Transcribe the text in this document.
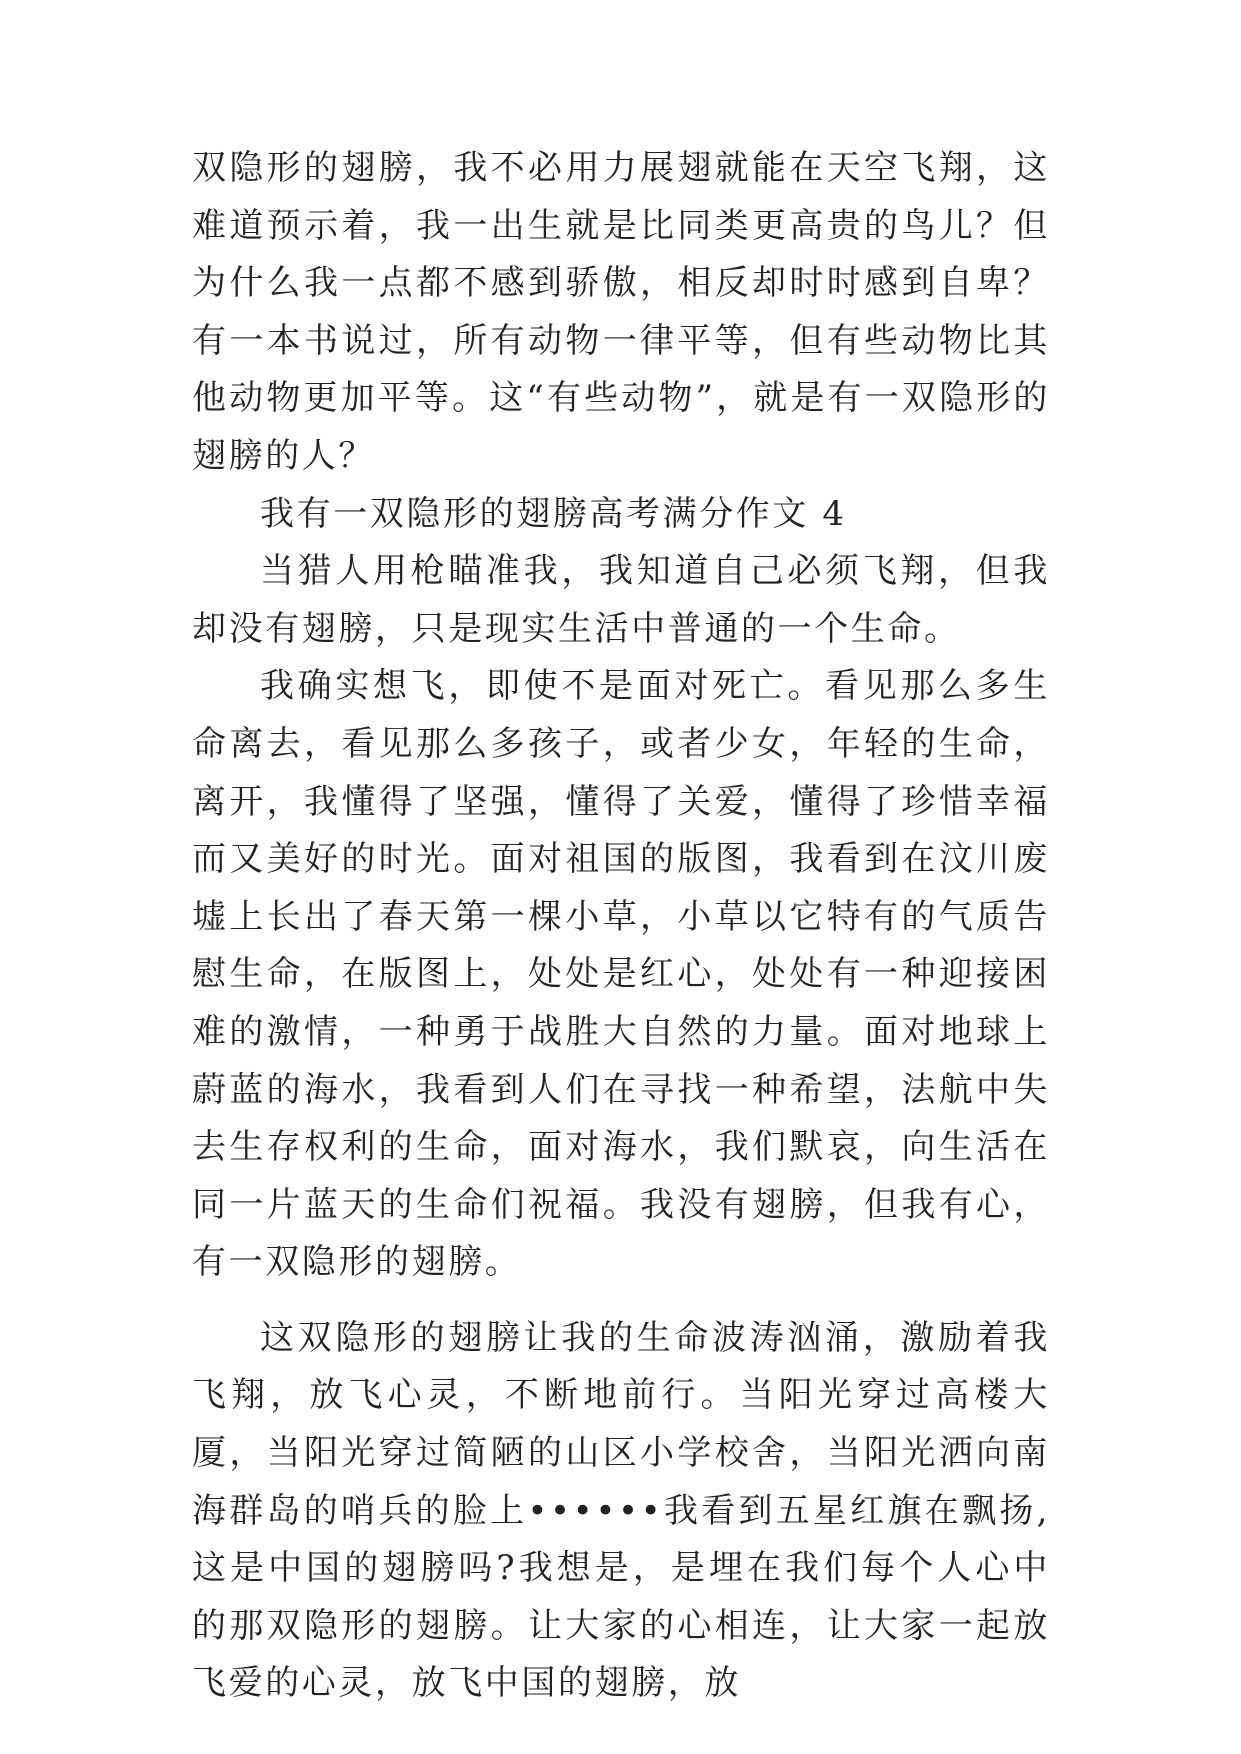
双隐形的翅膀，我不必用力展翅就能在天空飞翔，这难道预示着，我一出生就是比同类更高贵的鸟儿？但为什么我一点都不感到骄傲，相反却时时感到自卑？有一本书说过，所有动物一律平等，但有些动物比其他动物更加平等。这“有些动物”，就是有一双隐形的翅膀的人？

我有一双隐形的翅膀高考满分作文 4

当猎人用枪瞄准我，我知道自己必须飞翔，但我却没有翅膀，只是现实生活中普通的一个生命。

我确实想飞，即使不是面对死亡。看见那么多生命离去，看见那么多孩子，或者少女，年轻的生命，离开，我懂得了坚强，懂得了关爱，懂得了珍惜幸福而又美好的时光。面对祖国的版图，我看到在汶川废墟上长出了春天第一棵小草，小草以它特有的气质告慰生命，在版图上，处处是红心，处处有一种迎接困难的激情，一种勇于战胜大自然的力量。面对地球上蔚蓝的海水，我看到人们在寻找一种希望，法航中失去生存权利的生命，面对海水，我们默哀，向生活在同一片蓝天的生命们祝福。我没有翅膀，但我有心，有一双隐形的翅膀。

这双隐形的翅膀让我的生命波涛汹涌，激励着我飞翔，放飞心灵，不断地前行。当阳光穿过高楼大厦，当阳光穿过简陋的山区小学校舍，当阳光洒向南海群岛的哨兵的脸上••••••我看到五星红旗在飘扬,这是中国的翅膀吗?我想是，是埋在我们每个人心中的那双隐形的翅膀。让大家的心相连，让大家一起放飞爱的心灵，放飞中国的翅膀，放
